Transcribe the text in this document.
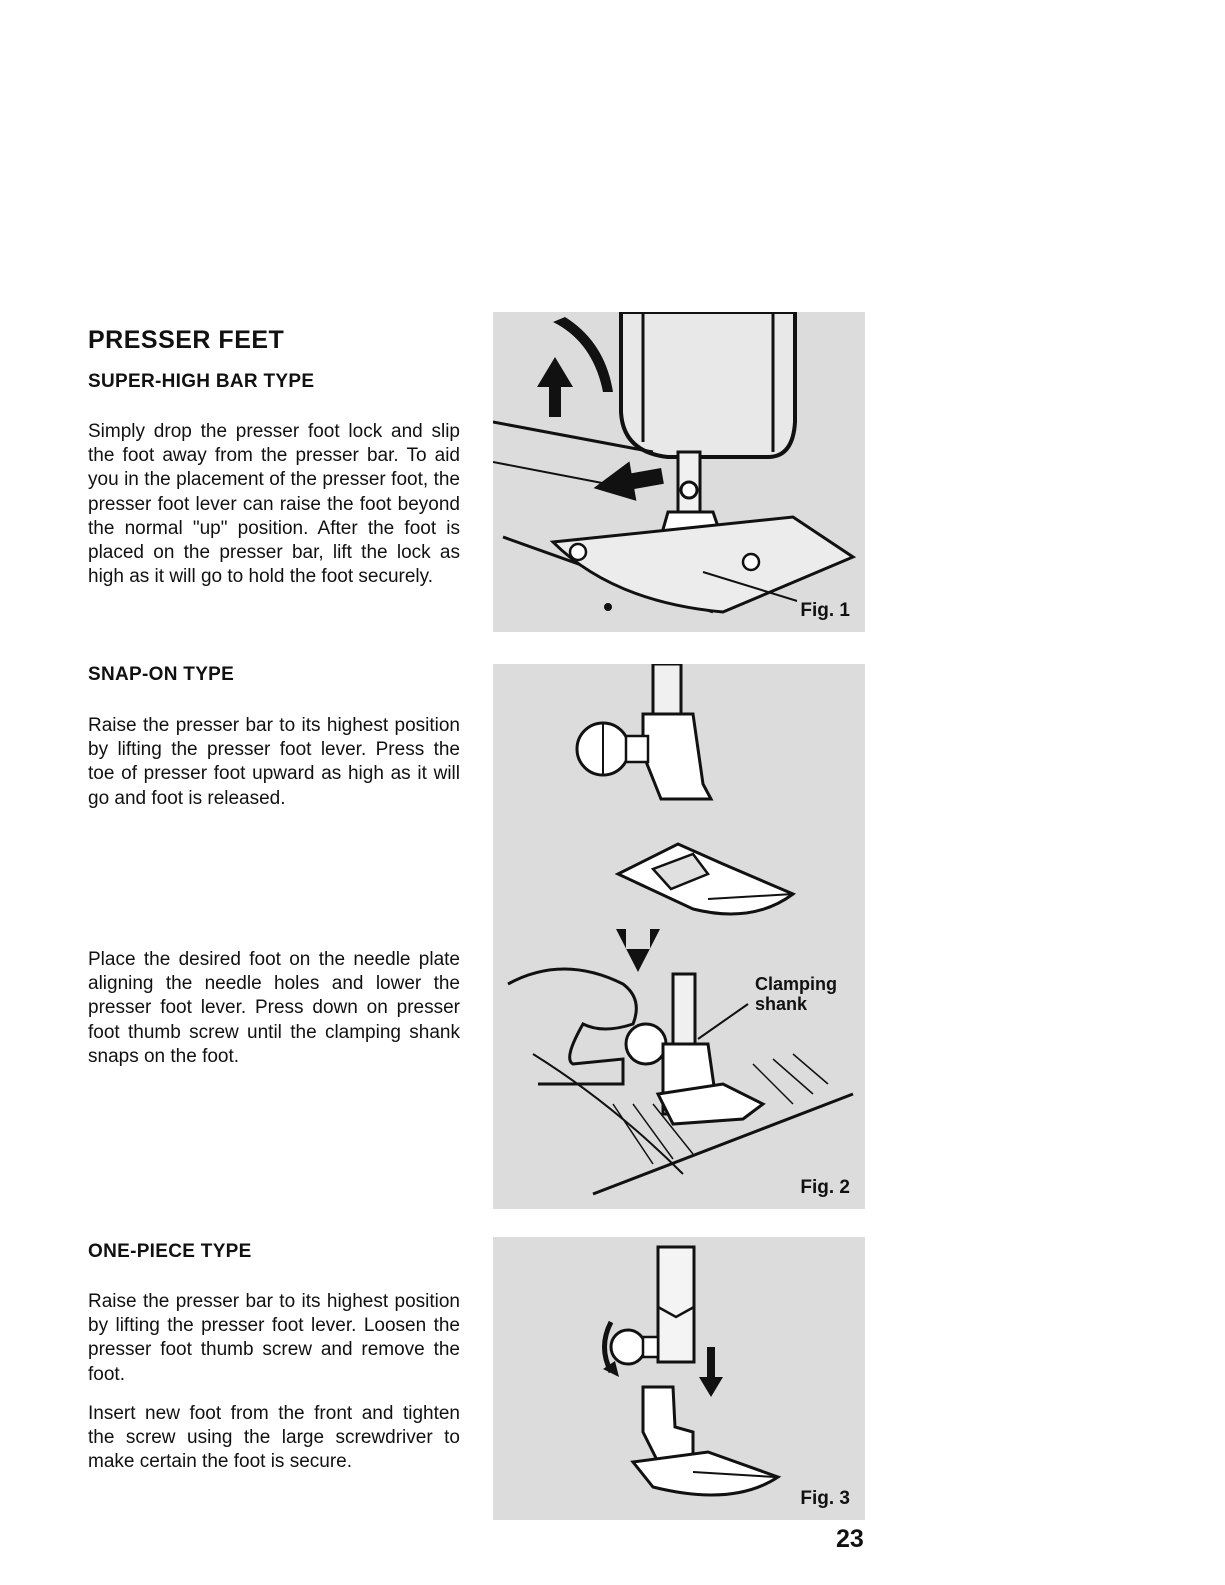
PRESSER FEET
SUPER-HIGH BAR TYPE

Simply drop the presser foot lock and slip the foot away from the presser bar. To aid you in the placement of the presser foot, the presser foot lever can raise the foot beyond the normal "up" position. After the foot is placed on the presser bar, lift the lock as high as it will go to hold the foot securely.

SNAP-ON TYPE

Raise the presser bar to its highest position by lifting the presser foot lever. Press the toe of presser foot upward as high as it will go and foot is released.

Place the desired foot on the needle plate aligning the needle holes and lower the presser foot lever. Press down on presser foot thumb screw until the clamping shank snaps on the foot.

ONE-PIECE TYPE

Raise the presser bar to its highest position by lifting the presser foot lever. Loosen the presser foot thumb screw and remove the foot.

Insert new foot from the front and tighten the screw using the large screwdriver to make certain the foot is secure.

Fig. 1
Clamping shank
Fig. 2
Fig. 3

23
